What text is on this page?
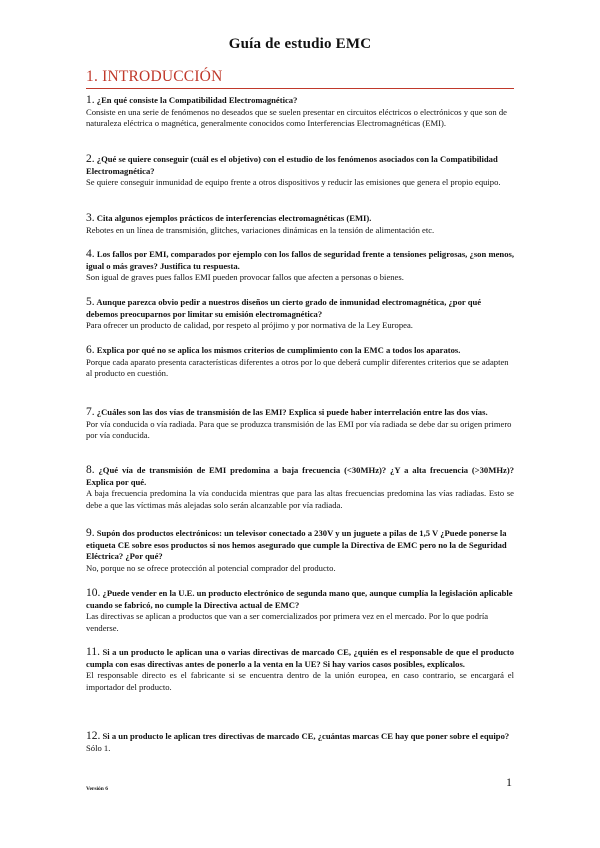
Guía de estudio EMC
1. INTRODUCCIÓN

1. ¿En qué consiste la Compatibilidad Electromagnética?

Consiste en una serie de fenómenos no deseados que se suelen presentar en circuitos eléctricos o electrónicos y que son de naturaleza eléctrica o magnética, generalmente conocidos como Interferencias Electromagnéticas (EMI).

2. ¿Qué se quiere conseguir (cuál es el objetivo) con el estudio de los fenómenos asociados con la Compatibilidad Electromagnética?

Se quiere conseguir inmunidad de equipo frente a otros dispositivos y reducir las emisiones que genera el propio equipo.

3. Cita algunos ejemplos prácticos de interferencias electromagnéticas (EMI).

Rebotes en un línea de transmisión, glitches, variaciones dinámicas en la tensión de alimentación etc.

4. Los fallos por EMI, comparados por ejemplo con los fallos de seguridad frente a tensiones peligrosas, ¿son menos, igual o más graves? Justifica tu respuesta.

Son igual de graves pues fallos EMI pueden provocar fallos que afecten a personas o bienes.

5. Aunque parezca obvio pedir a nuestros diseños un cierto grado de inmunidad electromagnética, ¿por qué debemos preocuparnos por limitar su emisión electromagnética?

Para ofrecer un producto de calidad, por respeto al prójimo y por normativa de la Ley Europea.

6. Explica por qué no se aplica los mismos criterios de cumplimiento con la EMC a todos los aparatos.

Porque cada aparato presenta características diferentes a otros por lo que deberá cumplir diferentes criterios que se adapten al producto en cuestión.

7. ¿Cuáles son las dos vías de transmisión de las EMI? Explica si puede haber interrelación entre las dos vías.

Por vía conducida o vía radiada. Para que se produzca transmisión de las EMI por vía radiada se debe dar su origen primero por vía conducida.

8. ¿Qué vía de transmisión de EMI predomina a baja frecuencia (<30MHz)? ¿Y a alta frecuencia (>30MHz)? Explica por qué.

A baja frecuencia predomina la vía conducida mientras que para las altas frecuencias predomina las vías radiadas. Esto se debe a que las víctimas más alejadas solo serán alcanzable por vía radiada.

9. Supón dos productos electrónicos: un televisor conectado a 230V y un juguete a pilas de 1,5 V ¿Puede ponerse la etiqueta CE sobre esos productos si nos hemos asegurado que cumple la Directiva de EMC pero no la de Seguridad Eléctrica? ¿Por qué?

No, porque no se ofrece protección al potencial comprador del producto.

10. ¿Puede vender en la U.E. un producto electrónico de segunda mano que, aunque cumplía la legislación aplicable cuando se fabricó, no cumple la Directiva actual de EMC?

Las directivas se aplican a productos que van a ser comercializados por primera vez en el mercado. Por lo que podría venderse.

11. Si a un producto le aplican una o varias directivas de marcado CE, ¿quién es el responsable de que el producto cumpla con esas directivas antes de ponerlo a la venta en la UE? Si hay varios casos posibles, explícalos.

El responsable directo es el fabricante si se encuentra dentro de la unión europea, en caso contrario, se encargará el importador del producto.

12. Si a un producto le aplican tres directivas de marcado CE, ¿cuántas marcas CE hay que poner sobre el equipo?

Sólo 1.

1
Versión 6
